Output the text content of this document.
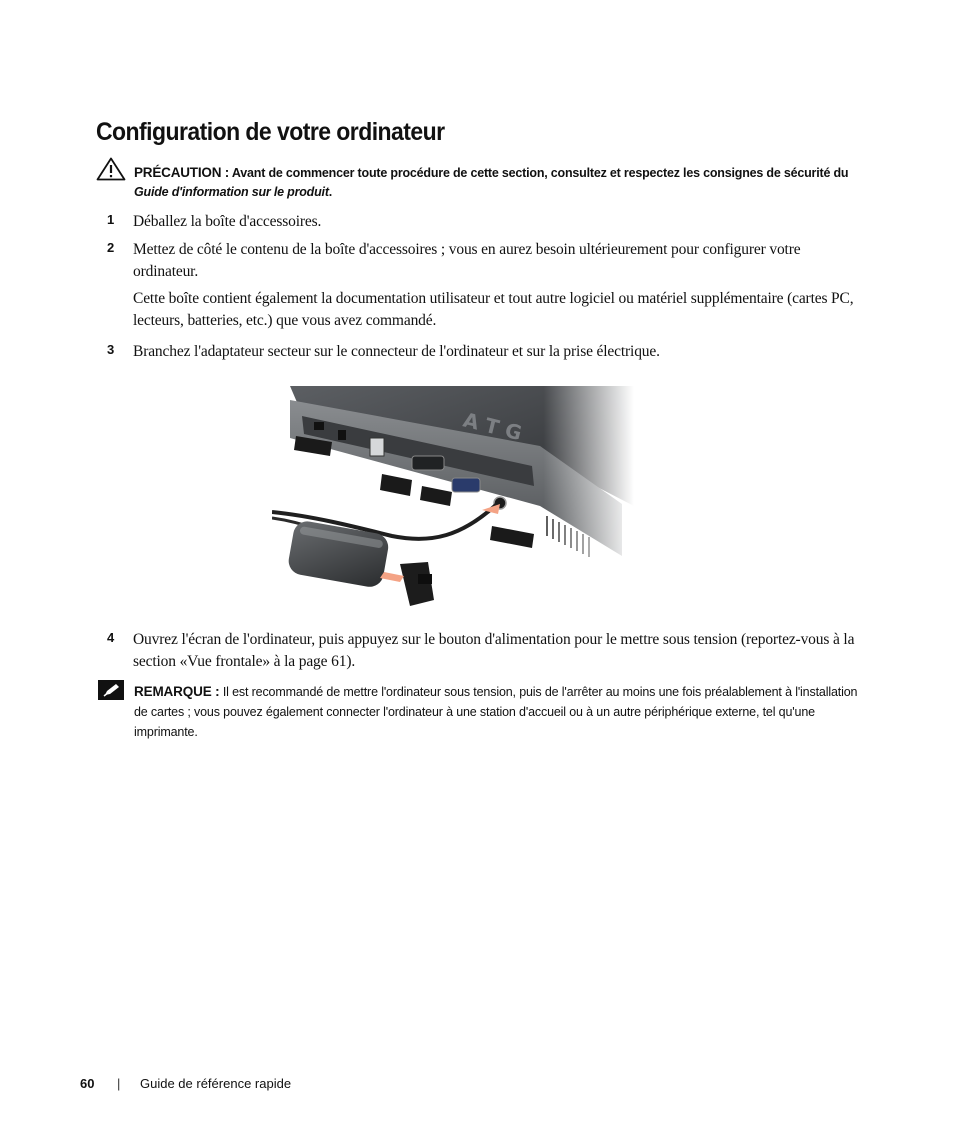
Configuration de votre ordinateur
PRÉCAUTION : Avant de commencer toute procédure de cette section, consultez et respectez les consignes de sécurité du Guide d'information sur le produit.
1 Déballez la boîte d'accessoires.
2 Mettez de côté le contenu de la boîte d'accessoires ; vous en aurez besoin ultérieurement pour configurer votre ordinateur.
Cette boîte contient également la documentation utilisateur et tout autre logiciel ou matériel supplémentaire (cartes PC, lecteurs, batteries, etc.) que vous avez commandé.
3 Branchez l'adaptateur secteur sur le connecteur de l'ordinateur et sur la prise électrique.
4 Ouvrez l'écran de l'ordinateur, puis appuyez sur le bouton d'alimentation pour le mettre sous tension (reportez-vous à la section «Vue frontale» à la page 61).
REMARQUE : Il est recommandé de mettre l'ordinateur sous tension, puis de l'arrêter au moins une fois préalablement à l'installation de cartes ; vous pouvez également connecter l'ordinateur à une station d'accueil ou à un autre périphérique externe, tel qu'une imprimante.
60 | Guide de référence rapide
